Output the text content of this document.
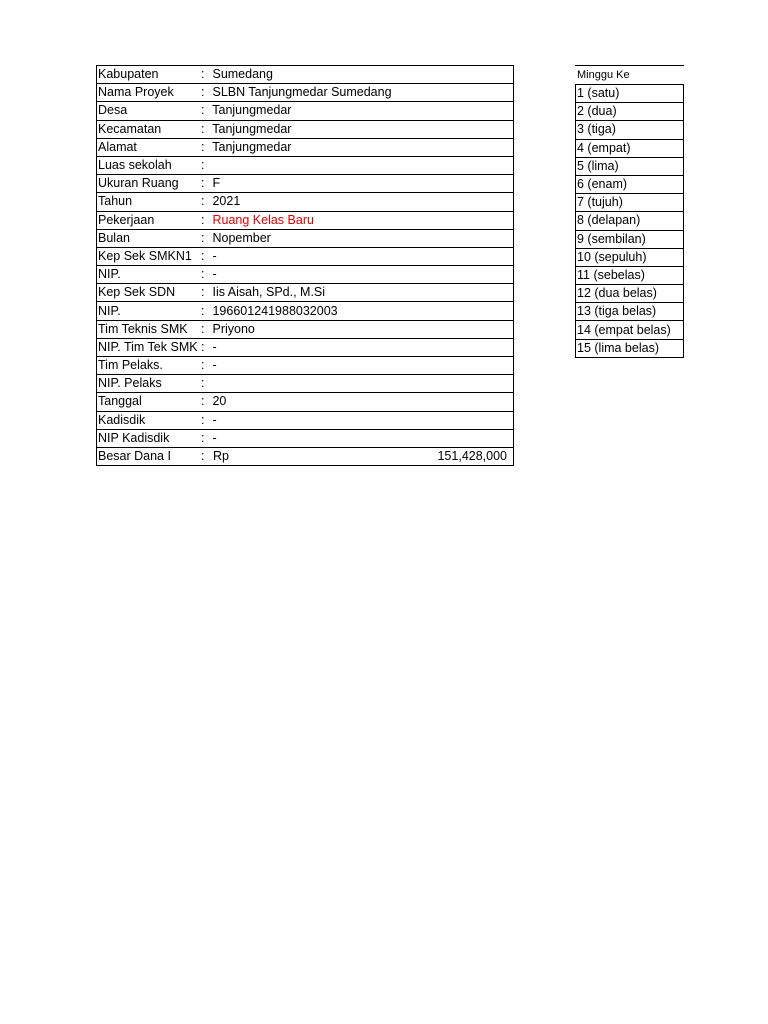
Kabupaten	: Sumedang
Nama Proyek	: SLBN Tanjungmedar Sumedang
Desa	: Tanjungmedar
Kecamatan	: Tanjungmedar
Alamat	: Tanjungmedar
Luas sekolah	:
Ukuran Ruang	: F
Tahun	: 2021
Pekerjaan	: Ruang Kelas Baru
Bulan	: Nopember
Kep Sek SMKN1	: -
NIP.	: -
Kep Sek SDN	: Iis Aisah, SPd., M.Si
NIP.	: 196601241988032003
Tim Teknis SMK	: Priyono
NIP. Tim Tek SMK	: -
Tim Pelaks.	: -
NIP. Pelaks	:
Tanggal	: 20
Kadisdik	: -
NIP Kadisdik	: -
Besar Dana I	: Rp 151,428,000
Minggu Ke
1 (satu)
2 (dua)
3 (tiga)
4 (empat)
5 (lima)
6 (enam)
7 (tujuh)
8 (delapan)
9 (sembilan)
10 (sepuluh)
11 (sebelas)
12 (dua belas)
13 (tiga belas)
14 (empat belas)
15 (lima belas)
